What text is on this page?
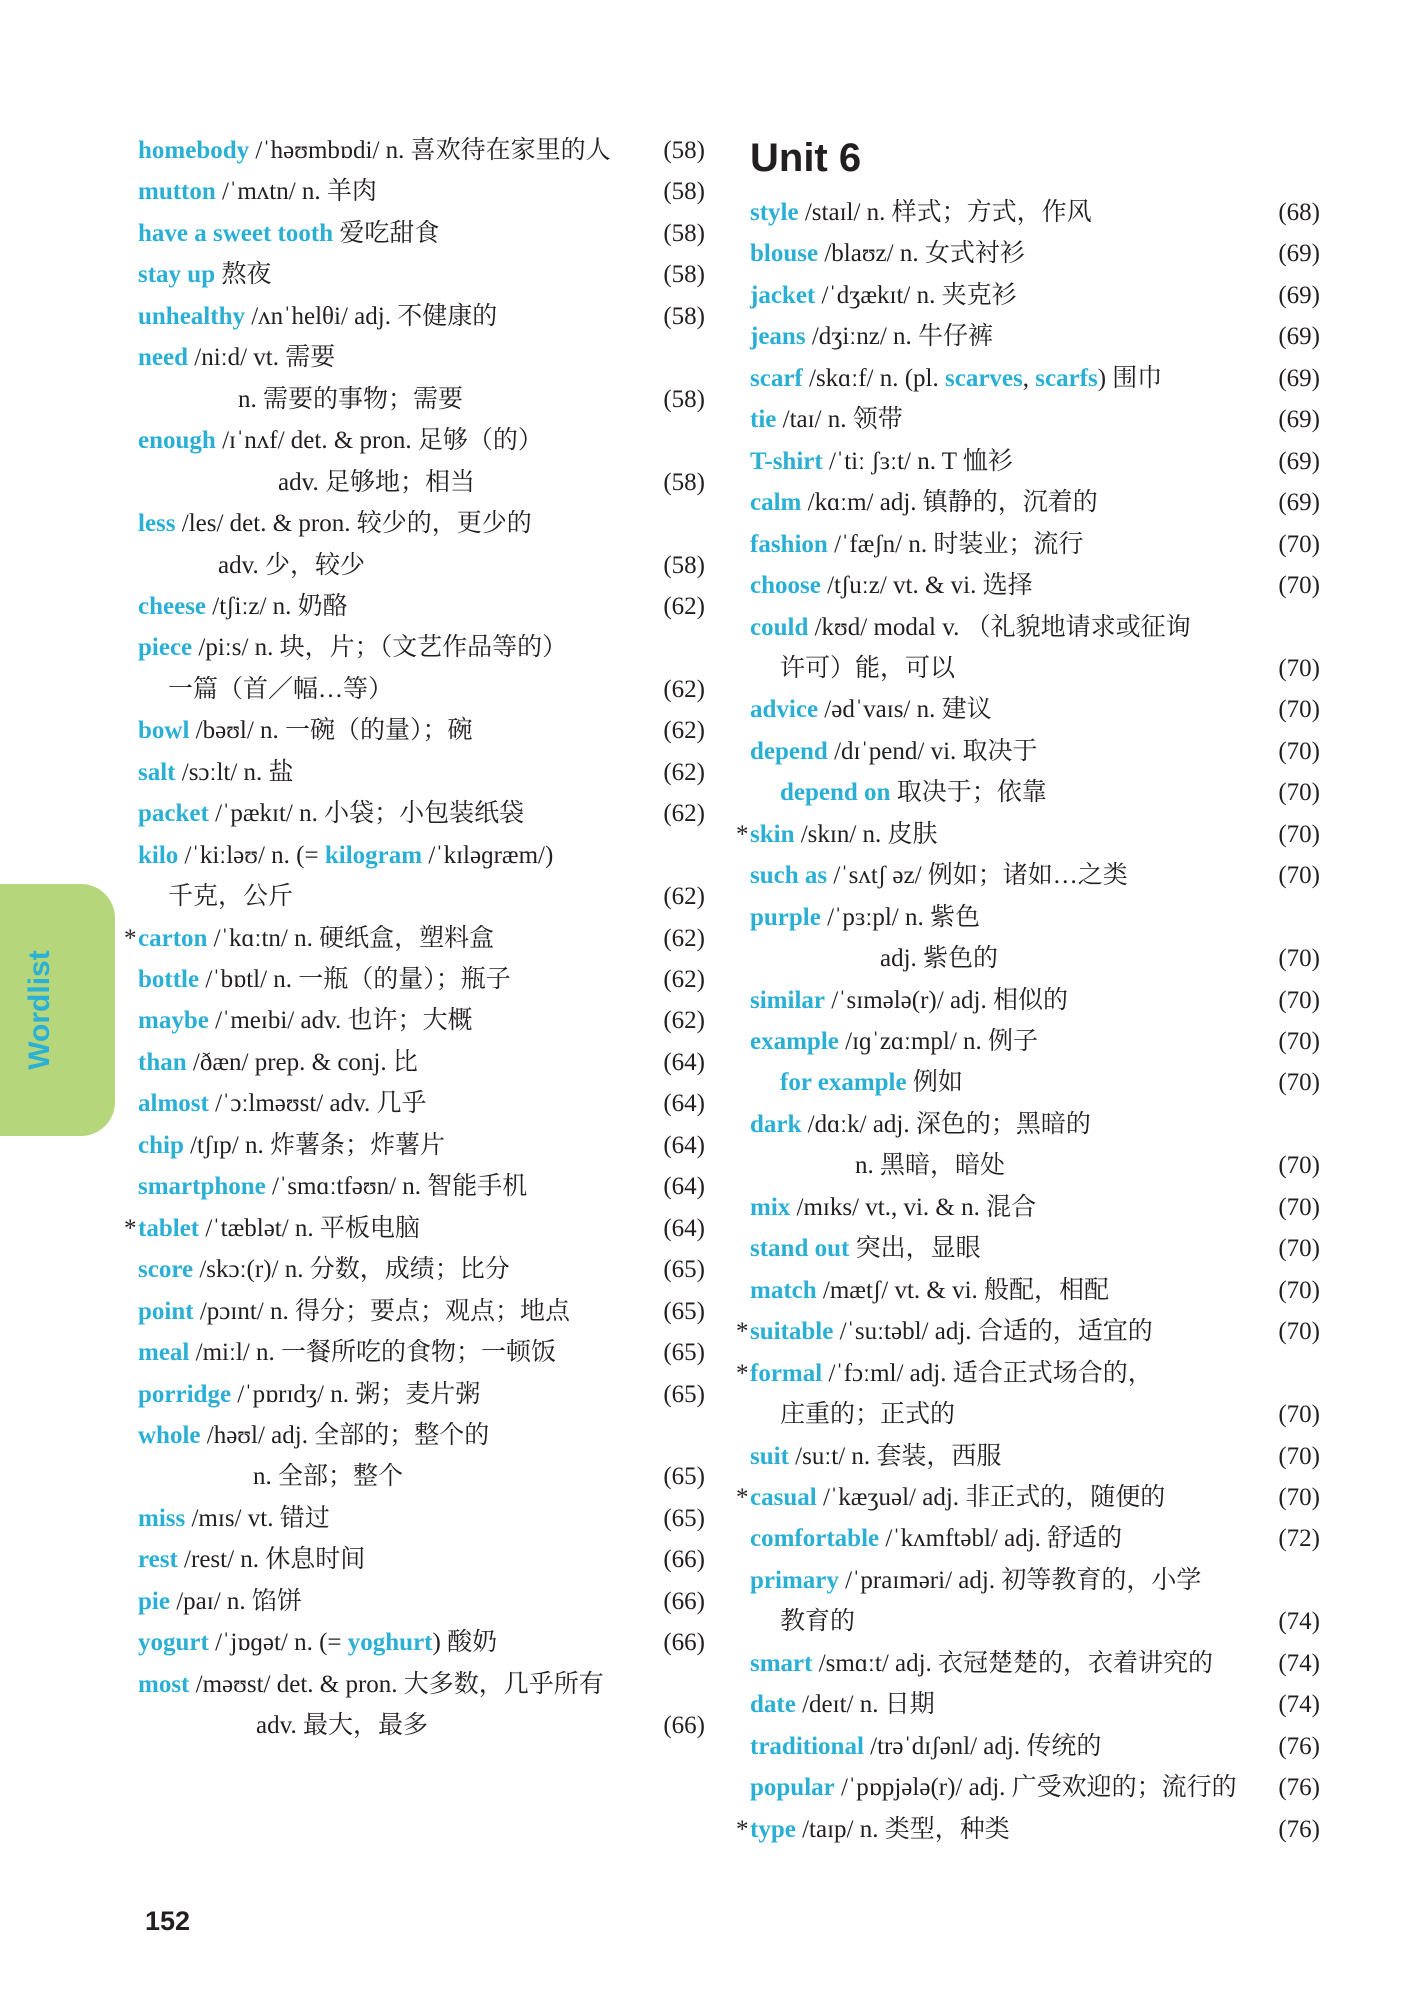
Wordlist
Unit 6
homebody /ˈhəʊmbɒdi/ n. 喜欢待在家里的人 (58)
mutton /ˈmʌtn/ n. 羊肉	(58)
have a sweet tooth 爱吃甜食	(58)
stay up 熬夜	(58)
unhealthy /ʌnˈhelθi/ adj. 不健康的	(58)
need /niːd/ vt. 需要
n. 需要的事物；需要	(58)
enough /ɪˈnʌf/ det. & pron. 足够（的）
adv. 足够地；相当	(58)
less /les/ det. & pron. 较少的，更少的
adv. 少，较少	(58)
cheese /tʃiːz/ n. 奶酪	(62)
piece /piːs/ n. 块，片；（文艺作品等的）
一篇（首／幅…等）	(62)
bowl /bəʊl/ n. 一碗（的量）；碗	(62)
salt /sɔːlt/ n. 盐	(62)
packet /ˈpækɪt/ n. 小袋；小包装纸袋	(62)
kilo /ˈkiːləʊ/ n. (= kilogram /ˈkɪləɡræm/)
千克，公斤	(62)
* carton /ˈkɑːtn/ n. 硬纸盒，塑料盒	(62)
bottle /ˈbɒtl/ n. 一瓶（的量）；瓶子	(62)
maybe /ˈmeɪbi/ adv. 也许；大概	(62)
than /ðæn/ prep. & conj. 比	(64)
almost /ˈɔːlməʊst/ adv. 几乎	(64)
chip /tʃɪp/ n. 炸薯条；炸薯片	(64)
smartphone /ˈsmɑːtfəʊn/ n. 智能手机	(64)
* tablet /ˈtæblət/ n. 平板电脑	(64)
score /skɔː(r)/ n. 分数，成绩；比分	(65)
point /pɔɪnt/ n. 得分；要点；观点；地点	(65)
meal /miːl/ n. 一餐所吃的食物；一顿饭	(65)
porridge /ˈpɒrɪdʒ/ n. 粥；麦片粥	(65)
whole /həʊl/ adj. 全部的；整个的
n. 全部；整个	(65)
miss /mɪs/ vt. 错过	(65)
rest /rest/ n. 休息时间	(66)
pie /paɪ/ n. 馅饼	(66)
yogurt /ˈjɒɡət/ n. (= yoghurt) 酸奶	(66)
most /məʊst/ det. & pron. 大多数，几乎所有
adv. 最大，最多	(66)
style /staɪl/ n. 样式；方式，作风	(68)
blouse /blaʊz/ n. 女式衬衫	(69)
jacket /ˈdʒækɪt/ n. 夹克衫	(69)
jeans /dʒiːnz/ n. 牛仔裤	(69)
scarf /skɑːf/ n. (pl. scarves, scarfs) 围巾	(69)
tie /taɪ/ n. 领带	(69)
T-shirt /ˈtiː ʃɜːt/ n. T 恤衫	(69)
calm /kɑːm/ adj. 镇静的，沉着的	(69)
fashion /ˈfæʃn/ n. 时装业；流行	(70)
choose /tʃuːz/ vt. & vi. 选择	(70)
could /kʊd/ modal v. （礼貌地请求或征询
许可）能，可以	(70)
advice /ədˈvaɪs/ n. 建议	(70)
depend /dɪˈpend/ vi. 取决于	(70)
depend on 取决于；依靠	(70)
* skin /skɪn/ n. 皮肤	(70)
such as /ˈsʌtʃ əz/ 例如；诸如…之类	(70)
purple /ˈpɜːpl/ n. 紫色
adj. 紫色的	(70)
similar /ˈsɪmələ(r)/ adj. 相似的	(70)
example /ɪɡˈzɑːmpl/ n. 例子	(70)
for example 例如	(70)
dark /dɑːk/ adj. 深色的；黑暗的
n. 黑暗，暗处	(70)
mix /mɪks/ vt., vi. & n. 混合	(70)
stand out 突出，显眼	(70)
match /mætʃ/ vt. & vi. 般配，相配	(70)
* suitable /ˈsuːtəbl/ adj. 合适的，适宜的	(70)
* formal /ˈfɔːml/ adj. 适合正式场合的，
庄重的；正式的	(70)
suit /suːt/ n. 套装，西服	(70)
* casual /ˈkæʒuəl/ adj. 非正式的，随便的	(70)
comfortable /ˈkʌmftəbl/ adj. 舒适的	(72)
primary /ˈpraɪməri/ adj. 初等教育的，小学
教育的	(74)
smart /smɑːt/ adj. 衣冠楚楚的，衣着讲究的	(74)
date /deɪt/ n. 日期	(74)
traditional /trəˈdɪʃənl/ adj. 传统的	(76)
popular /ˈpɒpjələ(r)/ adj. 广受欢迎的；流行的 (76)
* type /taɪp/ n. 类型，种类	(76)
152
